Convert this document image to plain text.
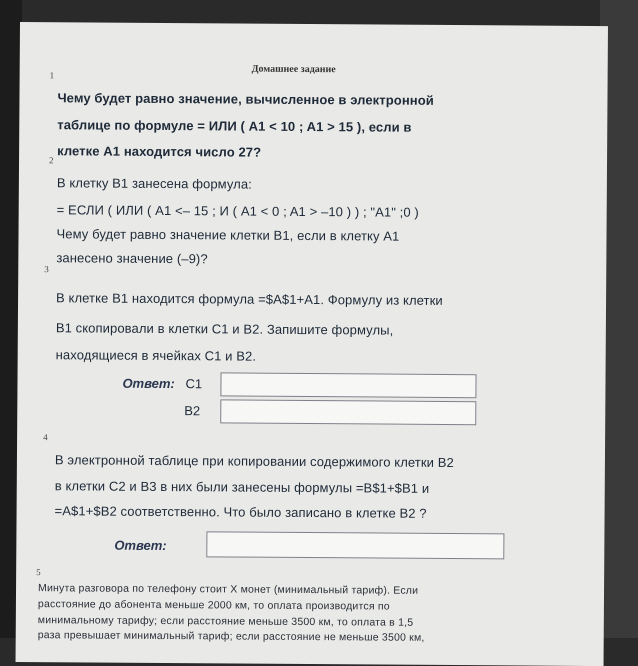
Домашнее задание
1
Чему будет равно значение, вычисленное в электронной
таблице по формуле = ИЛИ ( A1 < 10 ; A1 > 15 ), если в
клетке A1 находится число 27?
2
В клетку B1 занесена формула:
= ЕСЛИ ( ИЛИ ( A1 <– 15 ; И ( A1 < 0 ; A1 > –10 ) ) ; "A1" ;0 )
Чему будет равно значение клетки B1, если в клетку A1
занесено значение (–9)?
3
В клетке B1 находится формула =$A$1+A1. Формулу из клетки
B1 скопировали в клетки C1 и B2. Запишите формулы,
находящиеся в ячейках C1 и B2.
Ответ: C1
B2
4
В электронной таблице при копировании содержимого клетки B2
в клетки C2 и B3 в них были занесены формулы =B$1+$B1 и
=A$1+$B2 соответственно. Что было записано в клетке B2 ?
Ответ:
5
Минута разговора по телефону стоит X монет (минимальный тариф). Если
расстояние до абонента меньше 2000 км, то оплата производится по
минимальному тарифу; если расстояние меньше 3500 км, то оплата в 1,5
раза превышает минимальный тариф; если расстояние не меньше 3500 км,
